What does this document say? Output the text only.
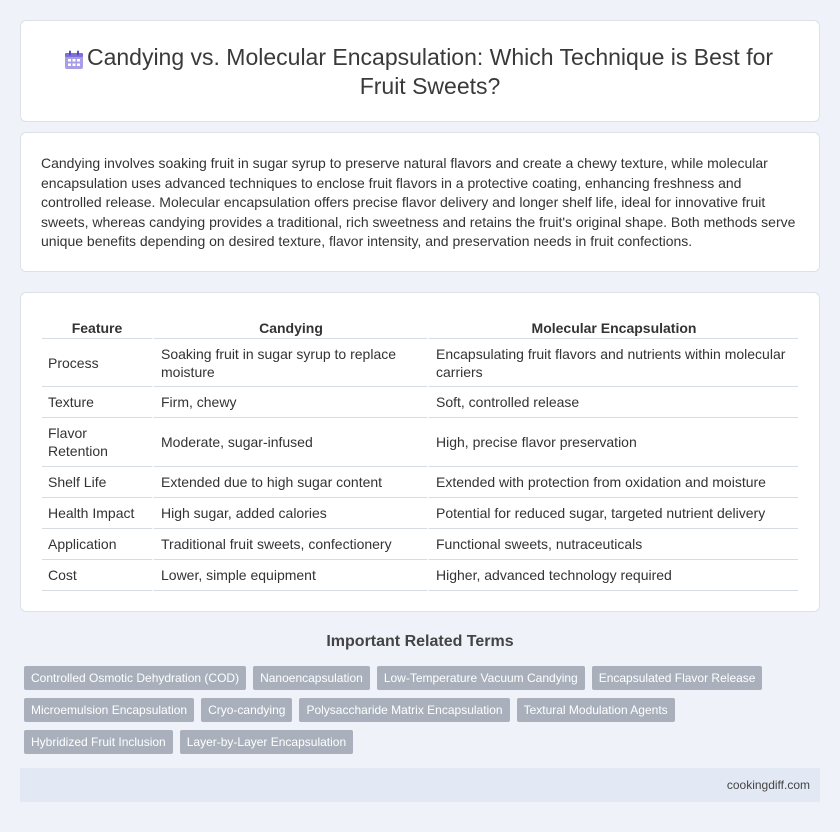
Candying vs. Molecular Encapsulation: Which Technique is Best for Fruit Sweets?

Candying involves soaking fruit in sugar syrup to preserve natural flavors and create a chewy texture, while molecular encapsulation uses advanced techniques to enclose fruit flavors in a protective coating, enhancing freshness and controlled release. Molecular encapsulation offers precise flavor delivery and longer shelf life, ideal for innovative fruit sweets, whereas candying provides a traditional, rich sweetness and retains the fruit's original shape. Both methods serve unique benefits depending on desired texture, flavor intensity, and preservation needs in fruit confections.

Feature	Candying	Molecular Encapsulation
Process	Soaking fruit in sugar syrup to replace moisture	Encapsulating fruit flavors and nutrients within molecular carriers
Texture	Firm, chewy	Soft, controlled release
Flavor Retention	Moderate, sugar-infused	High, precise flavor preservation
Shelf Life	Extended due to high sugar content	Extended with protection from oxidation and moisture
Health Impact	High sugar, added calories	Potential for reduced sugar, targeted nutrient delivery
Application	Traditional fruit sweets, confectionery	Functional sweets, nutraceuticals
Cost	Lower, simple equipment	Higher, advanced technology required
Important Related Terms
Controlled Osmotic Dehydration (COD)	Nanoencapsulation	Low-Temperature Vacuum Candying	Encapsulated Flavor Release
Microemulsion Encapsulation	Cryo-candying	Polysaccharide Matrix Encapsulation	Textural Modulation Agents
Hybridized Fruit Inclusion	Layer-by-Layer Encapsulation
cookingdiff.com
